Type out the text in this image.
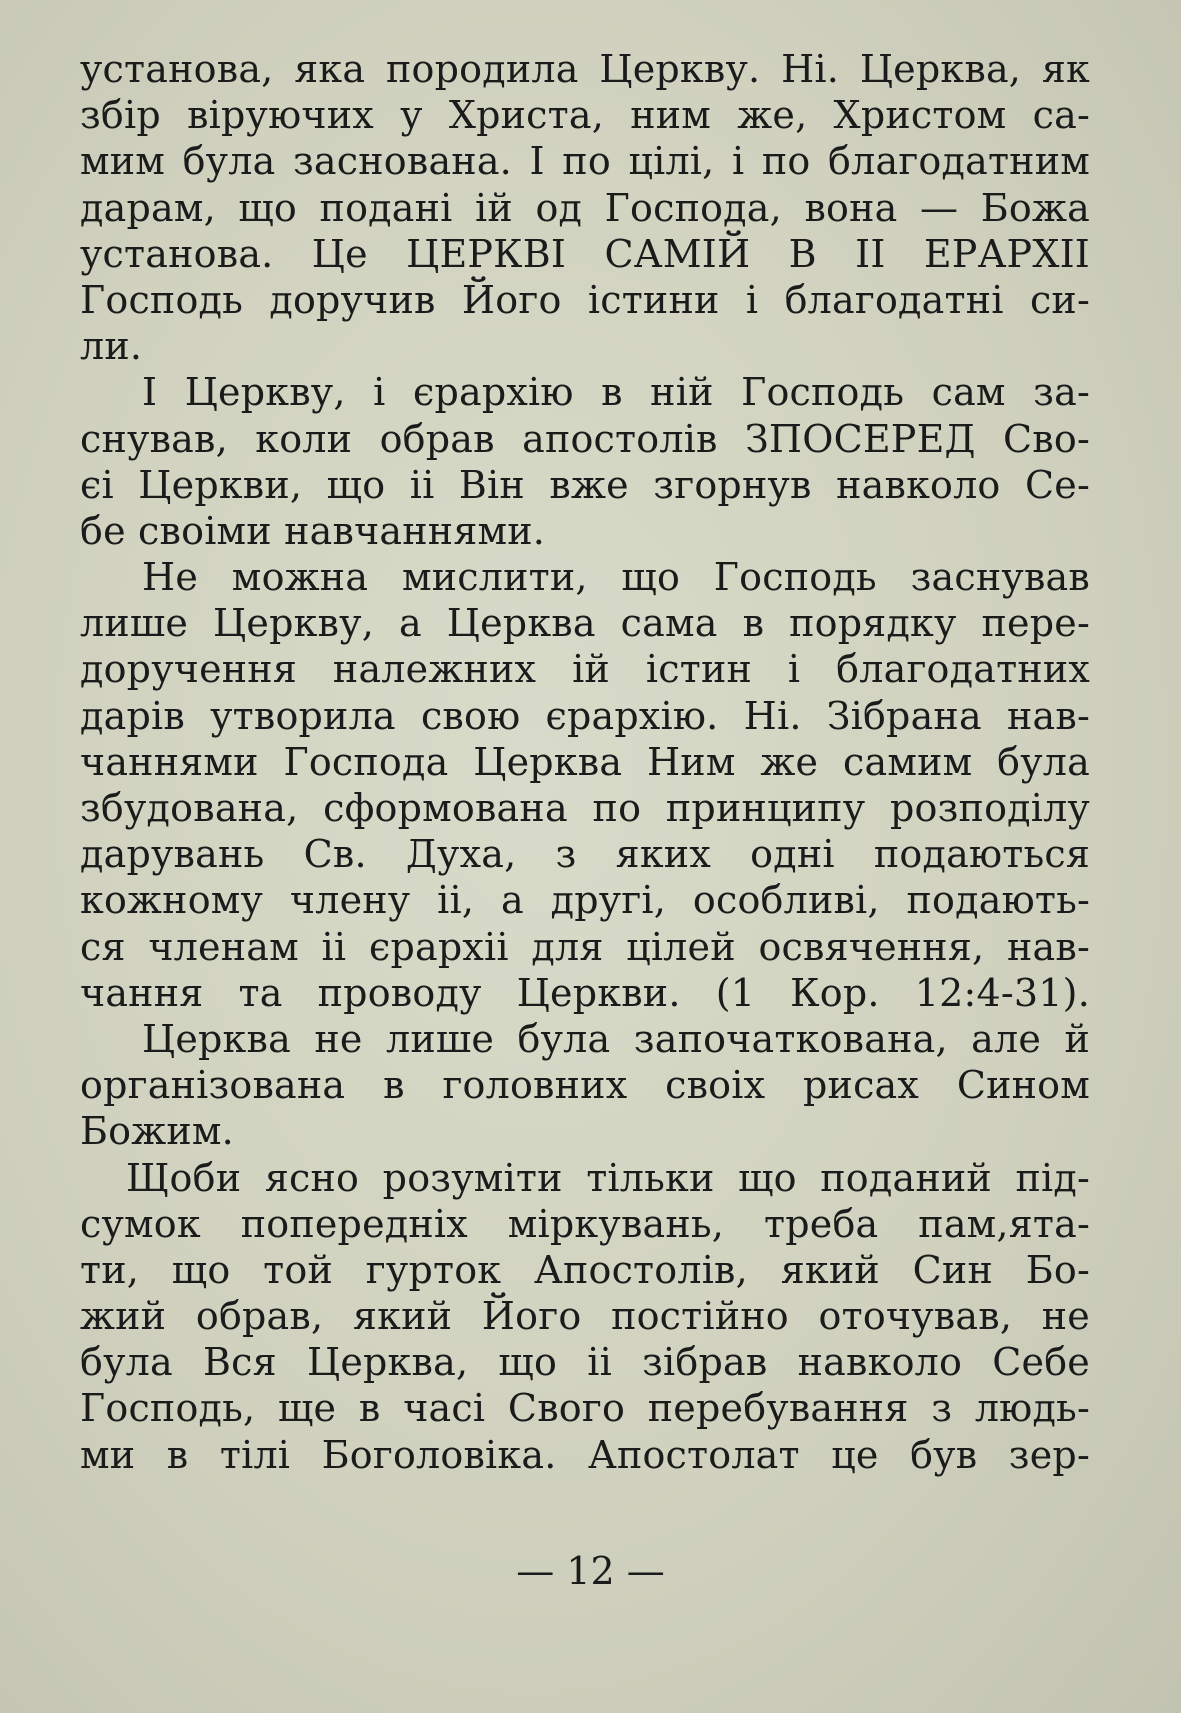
установа, яка породила Церкву. Ні. Церква, як
збір віруючих у Христа, ним же, Христом са-
мим була заснована. І по цілі, і по благодатним
дарам, що подані ій од Господа, вона — Божа
установа. Це ЦЕРКВІ САМІЙ В ІІ ЕРАРХІІ
Господь доручив Його істини і благодатні си-
ли.
І Церкву, і єрархію в ній Господь сам за-
снував, коли обрав апостолів ЗПОСЕРЕД Сво-
єі Церкви, що іі Він вже згорнув навколо Се-
бе своіми навчаннями.
Не можна мислити, що Господь заснував
лише Церкву, а Церква сама в порядку пере-
доручення належних ій істин і благодатних
дарів утворила свою єрархію. Ні. Зібрана нав-
чаннями Господа Церква Ним же самим була
збудована, сформована по принципу розподілу
дарувань Св. Духа, з яких одні подаються
кожному члену іі, а другі, особливі, подають-
ся членам іі єрархіі для цілей освячення, нав-
чання та проводу Церкви. (1 Кор. 12:4-31).
Церква не лише була започаткована, але й
організована в головних своіх рисах Сином
Божим.
Щоби ясно розуміти тільки що поданий під-
сумок попередніх міркувань, треба пам,ята-
ти, що той гурток Апостолів, який Син Бо-
жий обрав, який Його постійно оточував, не
була Вся Церква, що іі зібрав навколо Себе
Господь, ще в часі Свого перебування з людь-
ми в тілі Боголовіка. Апостолат це був зер-
— 12 —
